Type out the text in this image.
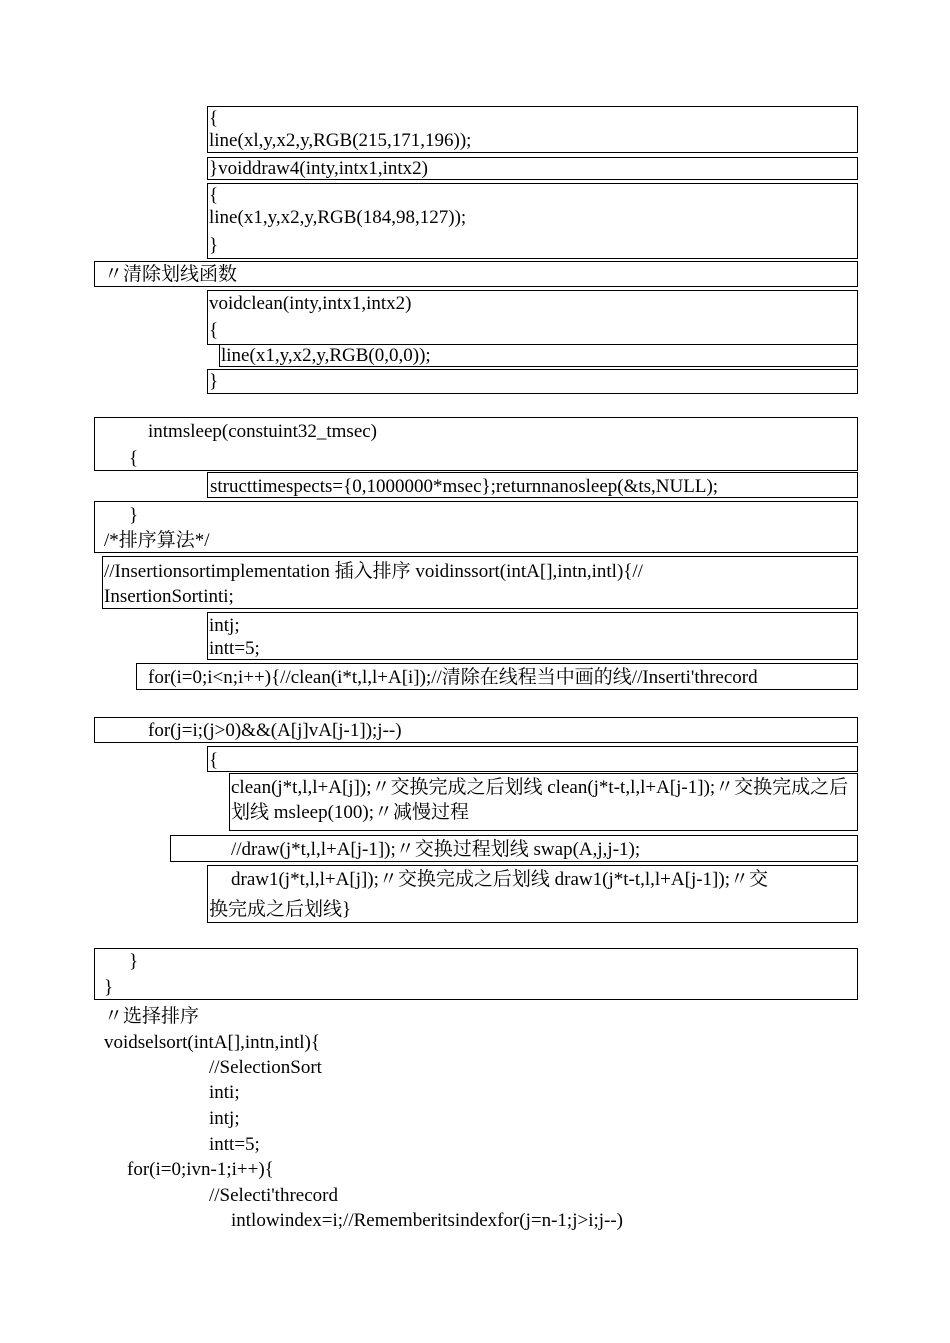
{
line(xl,y,x2,y,RGB(215,171,196));
}voiddraw4(inty,intx1,intx2)
{
line(x1,y,x2,y,RGB(184,98,127));
}
〃清除划线函数
voidclean(inty,intx1,intx2)
{
line(x1,y,x2,y,RGB(0,0,0));
}
intmsleep(constuint32_tmsec)
{
structtimespects={0,1000000*msec};returnnanosleep(&ts,NULL);
}
/*排序算法*/
//Insertionsortimplementation 插入排序 voidinssort(intA[],intn,intl){// InsertionSortinti;
intj;
intt=5;
for(i=0;i<n;i++){//clean(i*t,l,l+A[i]);//清除在线程当中画的线//Inserti'threcord
for(j=i;(j>0)&&(A[j]vA[j-1]);j--)
{
clean(j*t,l,l+A[j]);〃交换完成之后划线 clean(j*t-t,l,l+A[j-1]);〃交换完成之后划线 msleep(100);〃减慢过程
//draw(j*t,l,l+A[j-1]);〃交换过程划线 swap(A,j,j-1);
draw1(j*t,l,l+A[j]);〃交换完成之后划线 draw1(j*t-t,l,l+A[j-1]);〃交
换完成之后划线}
}
}
〃选择排序
voidselsort(intA[],intn,intl){
//SelectionSort
inti;
intj;
intt=5;
for(i=0;ivn-1;i++){
//Selecti'threcord
intlowindex=i;//Rememberitsindexfor(j=n-1;j>i;j--)
